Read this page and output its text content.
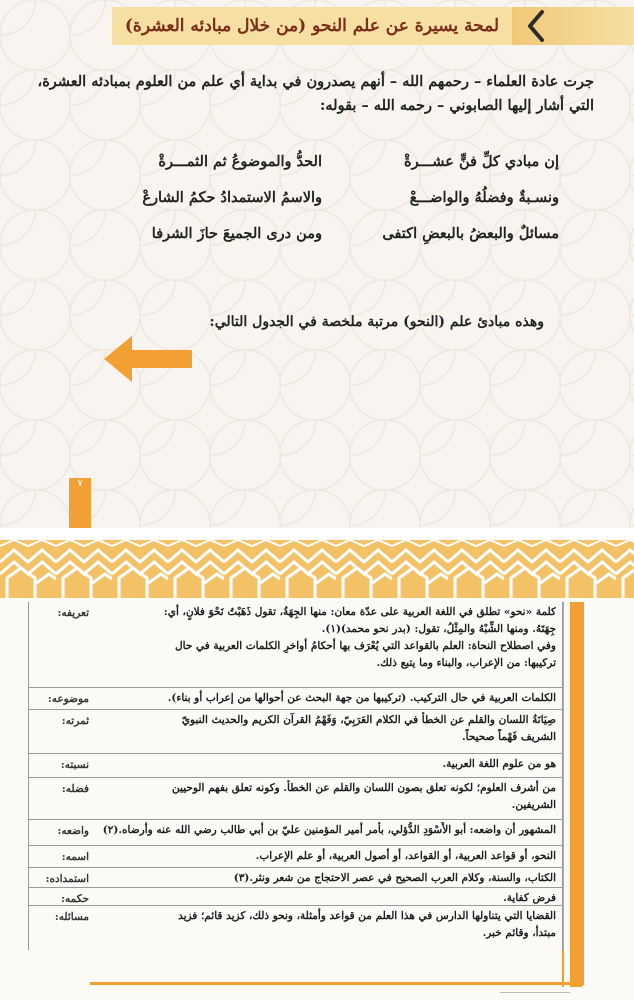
لمحة يسيرة عن علم النحو (من خلال مبادئه العشرة)
جرت عادة العلماء – رحمهم الله – أنهم يصدرون في بداية أي علم من العلوم بمبادئه العشرة،
التي أشار إليها الصابوني – رحمه الله – بقوله:
إن مبادي كلِّ فنٍّ عشـــرةْ
الحدُّ والموضوعُ ثم الثمـــرةْ
ونسـبةٌ وفضلُهُ والواضـــعْ
والاسمُ الاستمدادُ حكمُ الشارعْ
مسائلٌ والبعضُ بالبعضِ اكتفى
ومن درى الجميعَ حازَ الشرفا
وهذه مبادئ علم (النحو) مرتبة ملخصة في الجدول التالي:
٧
تعريفه:	كلمة «نحو» تطلق في اللغة العربية على عدّة معان: منها الجِهَةُ، تقول ذَهَبْتُ نَحْوَ فلانٍ، أي:
جِهَتَهُ. ومنها الشِّبْهُ والمِثْلُ، تقول: (بدر نحو محمد)(١).
وفي اصطلاح النحاة: العلم بالقواعد التي يُعْرَف بها أحكامُ أواخرِ الكلمات العربية في حال
تركيبها: من الإعراب، والبناء وما يتبع ذلك.
موضوعه:	الكلمات العربية في حال التركيب. (تركيبها من جهة البحث عن أحوالها من إعراب أو بناء).
ثمرته:	صِيَانَةُ اللسان والقلم عن الخطأ في الكلام العَرَبِيّ، وَفَهْمُ القرآن الكريم والحديث النبويّ
الشريف فَهْماً صحيحاً.
نسبته:	هو من علوم اللغة العربية.
فضله:	من أشرف العلوم؛ لكونه تعلق بصون اللسان والقلم عن الخطأ. وكونه تعلق بفهم الوحيين
الشريفين.
واضعه:	المشهور أن واضعه: أبو الأَسْوَدِ الدُّؤلي، بأمر أمير المؤمنين عليّ بن أبي طالب رضي الله عنه وأرضاه.(٢)
اسمه:	النحو، أو قواعد العربية، أو القواعد، أو أصول العربية، أو علم الإعراب.
استمداده:	الكتاب، والسنة، وكلام العرب الصحيح في عصر الاحتجاج من شعر ونثر.(٣)
حكمه:	فرض كفاية.
مسائله:	القضايا التي يتناولها الدارس في هذا العلم من قواعد وأمثلة، ونحو ذلك، كزيد قائم؛ فزيد
مبتدأ، وقائم خبر.
